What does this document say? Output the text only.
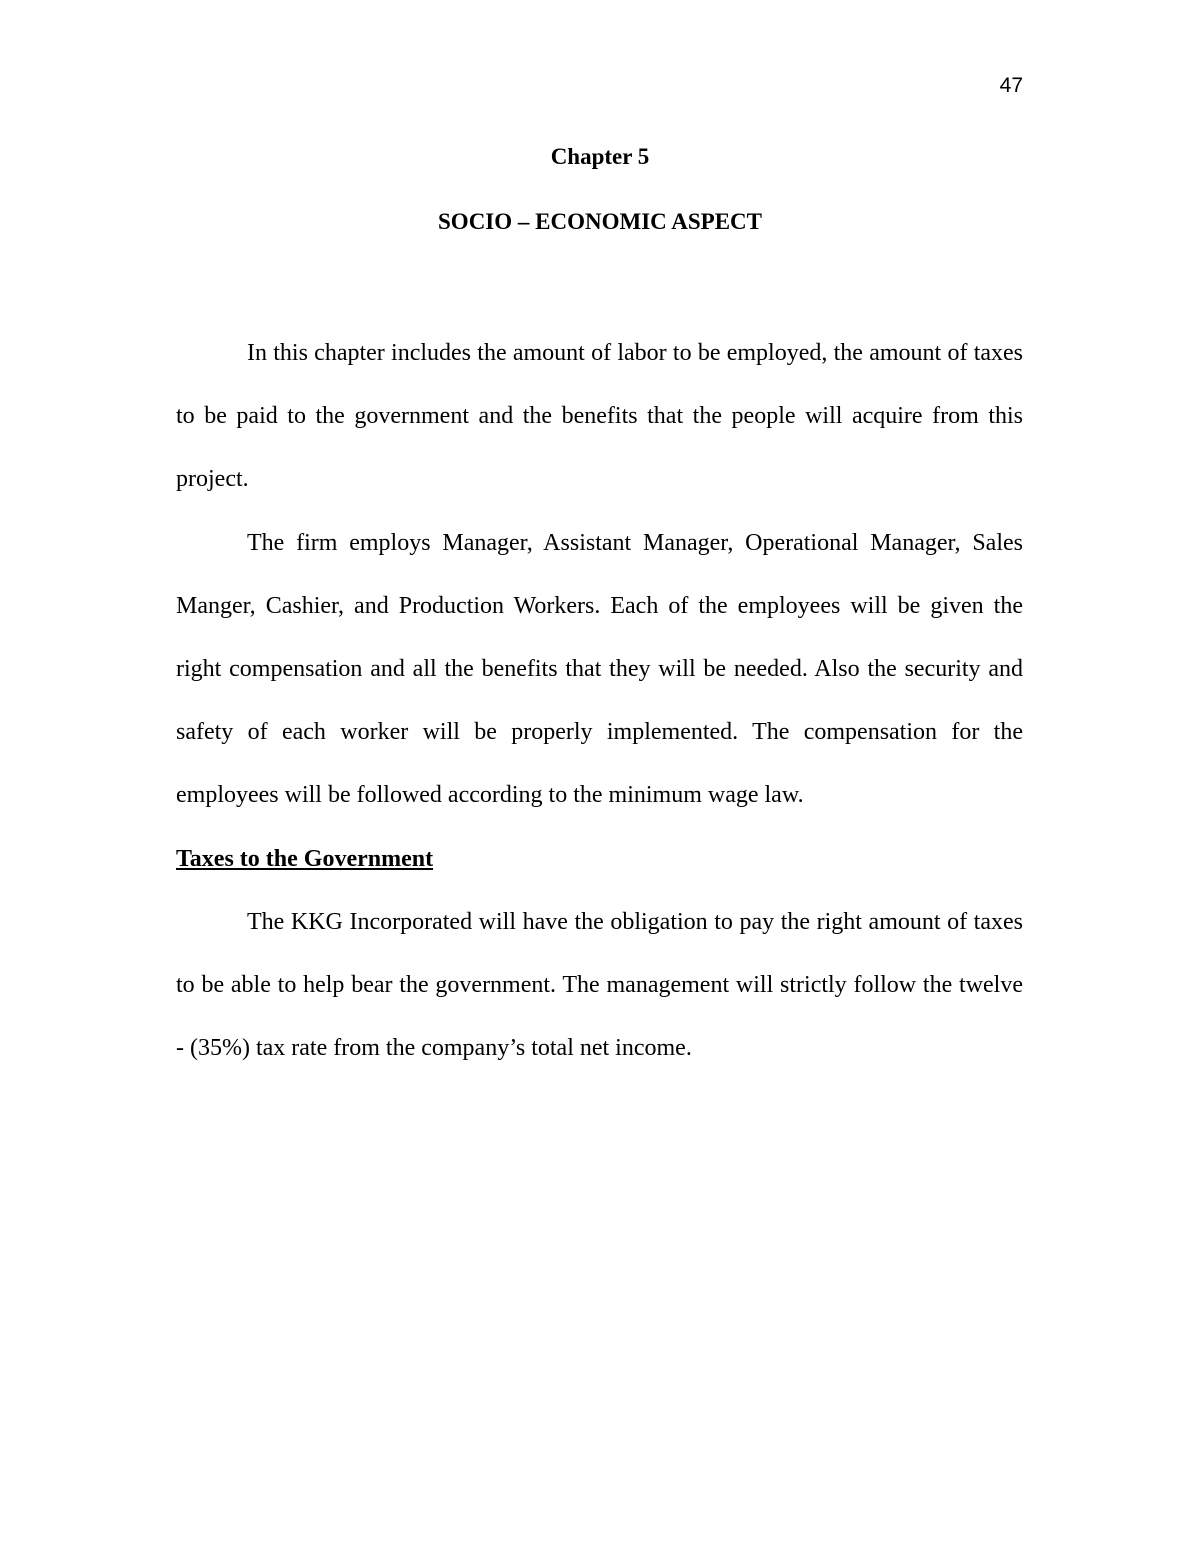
47
Chapter 5
SOCIO – ECONOMIC ASPECT

In this chapter includes the amount of labor to be employed, the amount of taxes to be paid to the government and the benefits that the people will acquire from this project.

The firm employs Manager, Assistant Manager, Operational Manager, Sales Manger, Cashier, and Production Workers. Each of the employees will be given the right compensation and all the benefits that they will be needed. Also the security and safety of each worker will be properly implemented. The compensation for the employees will be followed according to the minimum wage law.

Taxes to the Government

The KKG Incorporated will have the obligation to pay the right amount of taxes to be able to help bear the government. The management will strictly follow the twelve - (35%) tax rate from the company’s total net income.
